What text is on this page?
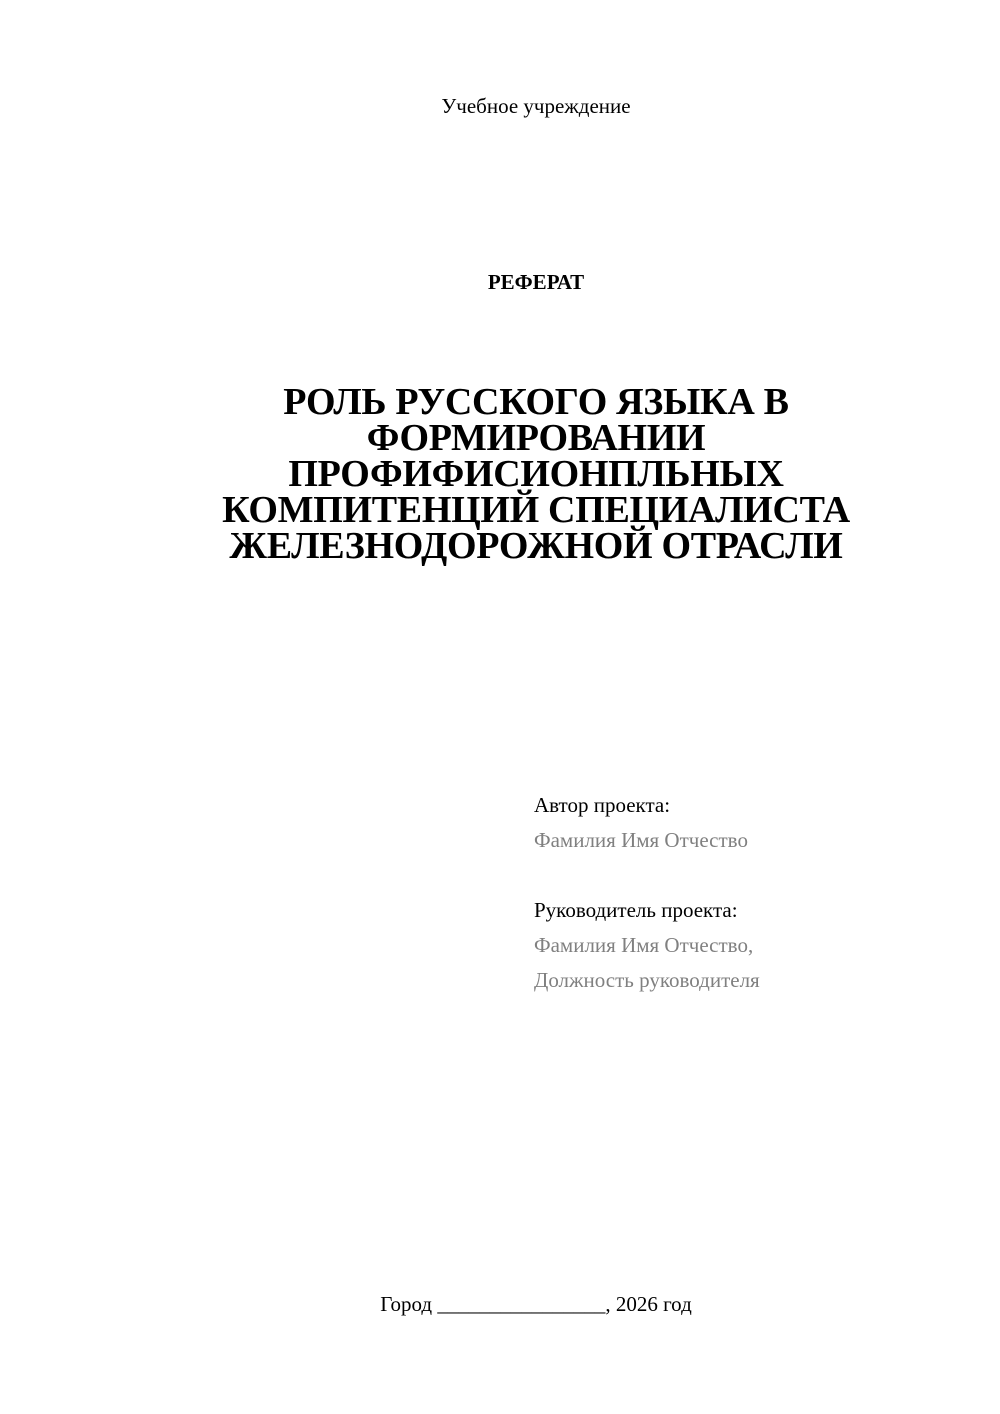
Учебное учреждение
РЕФЕРАТ
РОЛЬ РУССКОГО ЯЗЫКА В
ФОРМИРОВАНИИ
ПРОФИФИСИОНПЛЬНЫХ
КОМПИТЕНЦИЙ СПЕЦИАЛИСТА
ЖЕЛЕЗНОДОРОЖНОЙ ОТРАСЛИ
Автор проекта:
Фамилия Имя Отчество
Руководитель проекта:
Фамилия Имя Отчество,
Должность руководителя
Город ________________, 2026 год
